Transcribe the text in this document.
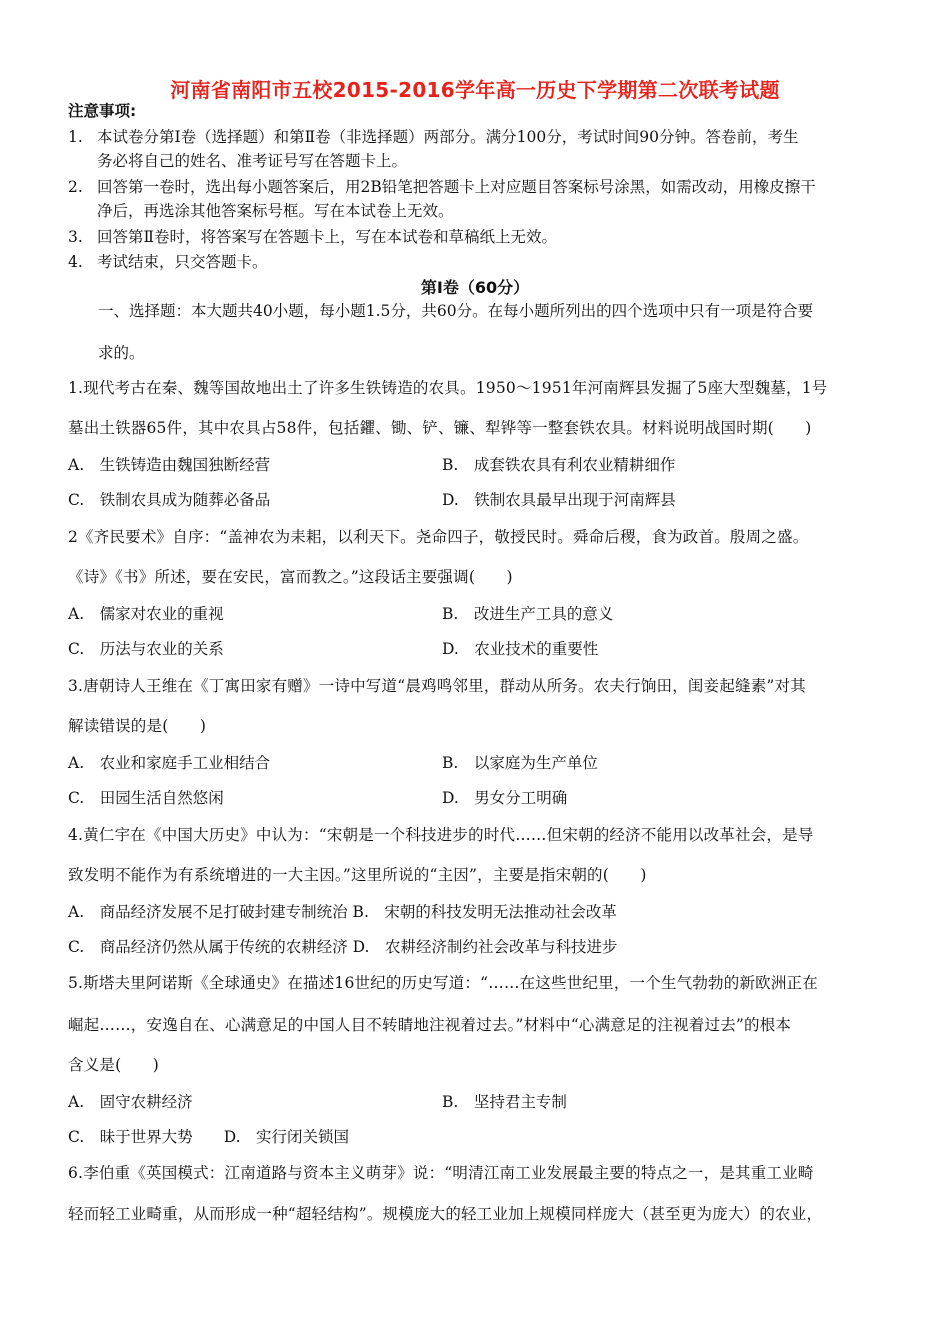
河南省南阳市五校2015-2016学年高一历史下学期第二次联考试题
注意事项:
1. 本试卷分第Ⅰ卷（选择题）和第Ⅱ卷（非选择题）两部分。满分100分，考试时间90分钟。答卷前，考生
务必将自己的姓名、准考证号写在答题卡上。
2. 回答第一卷时，选出每小题答案后，用2B铅笔把答题卡上对应题目答案标号涂黑，如需改动，用橡皮擦干
净后，再选涂其他答案标号框。写在本试卷上无效。
3. 回答第Ⅱ卷时，将答案写在答题卡上，写在本试卷和草稿纸上无效。
4. 考试结束，只交答题卡。
第Ⅰ卷（60分）
一、选择题：本大题共40小题，每小题1.5分，共60分。在每小题所列出的四个选项中只有一项是符合要
求的。
1.现代考古在秦、魏等国故地出土了许多生铁铸造的农具。1950～1951年河南辉县发掘了5座大型魏墓，1号
墓出土铁器65件，其中农具占58件，包括鑺、锄、铲、镰、犁铧等一整套铁农具。材料说明战国时期(　　)
A.　生铁铸造由魏国独断经营	B.　成套铁农具有利农业精耕细作
C.　铁制农具成为随葬必备品	D.　铁制农具最早出现于河南辉县
2《齐民要术》自序：“盖神农为耒耜，以利天下。尧命四子，敬授民时。舜命后稷，食为政首。殷周之盛。
《诗》《书》所述，要在安民，富而教之。”这段话主要强调(　　)
A.　儒家对农业的重视	B.　改进生产工具的意义
C.　历法与农业的关系	D.　农业技术的重要性
3.唐朝诗人王维在《丁寓田家有赠》一诗中写道“晨鸡鸣邻里，群动从所务。农夫行饷田，闺妾起缝素”对其
解读错误的是(　　)
A.　农业和家庭手工业相结合	B.　以家庭为生产单位
C.　田园生活自然悠闲	D.　男女分工明确
4.黄仁宇在《中国大历史》中认为：“宋朝是一个科技进步的时代……但宋朝的经济不能用以改革社会，是导
致发明不能作为有系统增进的一大主因。”这里所说的“主因”，主要是指宋朝的(　　)
A.　商品经济发展不足打破封建专制统治 B.　宋朝的科技发明无法推动社会改革
C.　商品经济仍然从属于传统的农耕经济 D.　农耕经济制约社会改革与科技进步
5.斯塔夫里阿诺斯《全球通史》在描述16世纪的历史写道：“……在这些世纪里，一个生气勃勃的新欧洲正在
崛起……，安逸自在、心满意足的中国人目不转睛地注视着过去。”材料中“心满意足的注视着过去”的根本
含义是(　　)
A.　固守农耕经济	B.　坚持君主专制
C.　昧于世界大势　　D.　实行闭关锁国
6.李伯重《英国模式：江南道路与资本主义萌芽》说：“明清江南工业发展最主要的特点之一，是其重工业畸
轻而轻工业畸重，从而形成一种“超轻结构”。规模庞大的轻工业加上规模同样庞大（甚至更为庞大）的农业，
